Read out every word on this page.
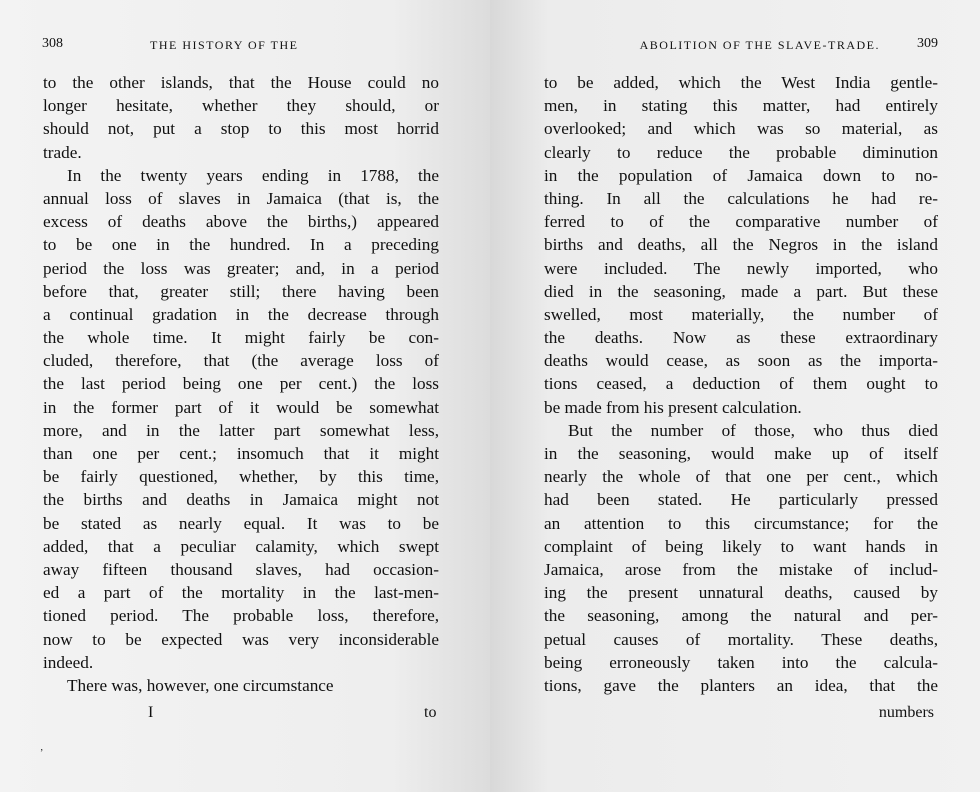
308	THE HISTORY OF THE
to the other islands, that the House could no
longer hesitate, whether they should, or
should not, put a stop to this most horrid
trade.
In the twenty years ending in 1788, the
annual loss of slaves in Jamaica (that is, the
excess of deaths above the births,) appeared
to be one in the hundred. In a preceding
period the loss was greater; and, in a period
before that, greater still; there having been
a continual gradation in the decrease through
the whole time. It might fairly be con-
cluded, therefore, that (the average loss of
the last period being one per cent.) the loss
in the former part of it would be somewhat
more, and in the latter part somewhat less,
than one per cent.; insomuch that it might
be fairly questioned, whether, by this time,
the births and deaths in Jamaica might not
be stated as nearly equal. It was to be
added, that a peculiar calamity, which swept
away fifteen thousand slaves, had occasion-
ed a part of the mortality in the last-men-
tioned period. The probable loss, therefore,
now to be expected was very inconsiderable
indeed.
There was, however, one circumstance
I	to
‚
ABOLITION OF THE SLAVE-TRADE.	309
to be added, which the West India gentle-
men, in stating this matter, had entirely
overlooked; and which was so material, as
clearly to reduce the probable diminution
in the population of Jamaica down to no-
thing. In all the calculations he had re-
ferred to of the comparative number of
births and deaths, all the Negros in the island
were included. The newly imported, who
died in the seasoning, made a part. But these
swelled, most materially, the number of
the deaths. Now as these extraordinary
deaths would cease, as soon as the importa-
tions ceased, a deduction of them ought to
be made from his present calculation.
But the number of those, who thus died
in the seasoning, would make up of itself
nearly the whole of that one per cent., which
had been stated. He particularly pressed
an attention to this circumstance; for the
complaint of being likely to want hands in
Jamaica, arose from the mistake of includ-
ing the present unnatural deaths, caused by
the seasoning, among the natural and per-
petual causes of mortality. These deaths,
being erroneously taken into the calcula-
tions, gave the planters an idea, that the
numbers
